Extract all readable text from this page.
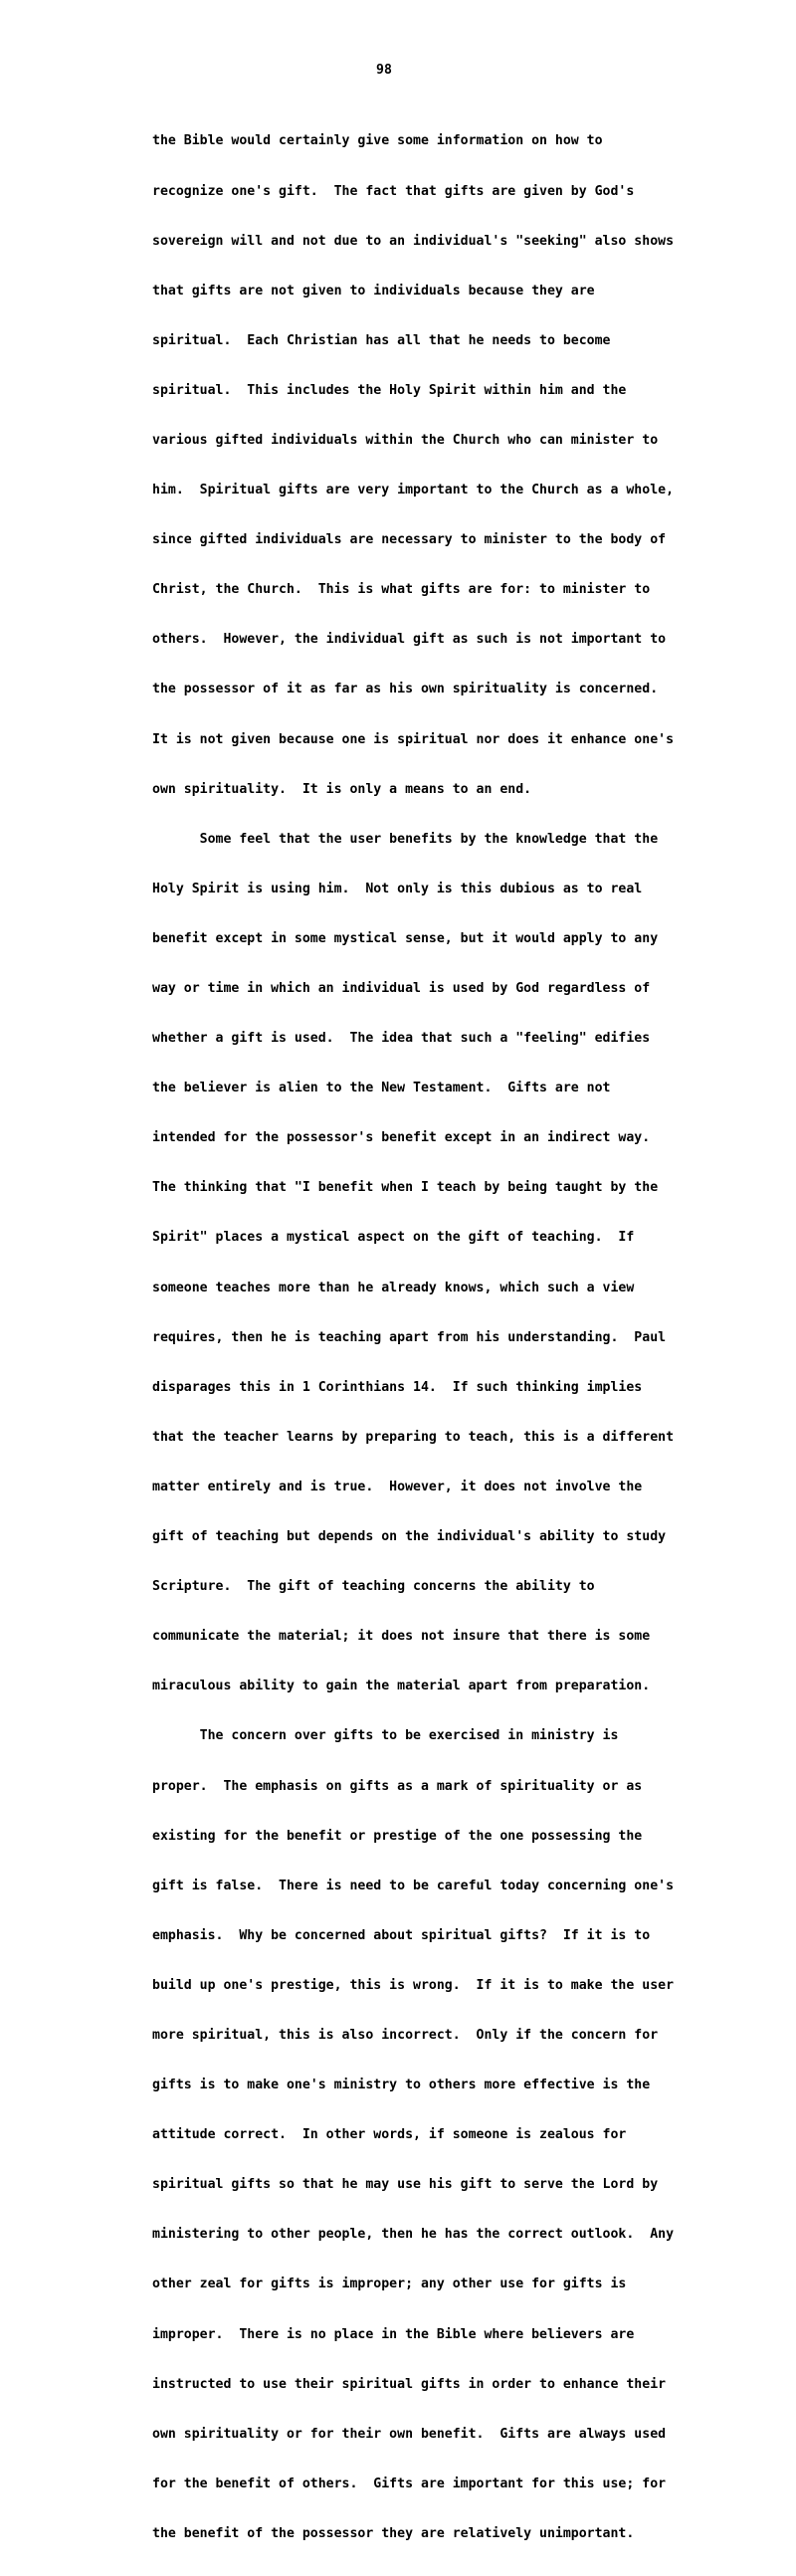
98

the Bible would certainly give some information on how to

recognize one's gift.  The fact that gifts are given by God's

sovereign will and not due to an individual's "seeking" also shows

that gifts are not given to individuals because they are

spiritual.  Each Christian has all that he needs to become

spiritual.  This includes the Holy Spirit within him and the

various gifted individuals within the Church who can minister to

him.  Spiritual gifts are very important to the Church as a whole,

since gifted individuals are necessary to minister to the body of

Christ, the Church.  This is what gifts are for: to minister to

others.  However, the individual gift as such is not important to

the possessor of it as far as his own spirituality is concerned.

It is not given because one is spiritual nor does it enhance one's

own spirituality.  It is only a means to an end.

Some feel that the user benefits by the knowledge that the

Holy Spirit is using him.  Not only is this dubious as to real

benefit except in some mystical sense, but it would apply to any

way or time in which an individual is used by God regardless of

whether a gift is used.  The idea that such a "feeling" edifies

the believer is alien to the New Testament.  Gifts are not

intended for the possessor's benefit except in an indirect way.

The thinking that "I benefit when I teach by being taught by the

Spirit" places a mystical aspect on the gift of teaching.  If

someone teaches more than he already knows, which such a view

requires, then he is teaching apart from his understanding.  Paul

disparages this in 1 Corinthians 14.  If such thinking implies

that the teacher learns by preparing to teach, this is a different

matter entirely and is true.  However, it does not involve the

gift of teaching but depends on the individual's ability to study

Scripture.  The gift of teaching concerns the ability to

communicate the material; it does not insure that there is some

miraculous ability to gain the material apart from preparation.

The concern over gifts to be exercised in ministry is

proper.  The emphasis on gifts as a mark of spirituality or as

existing for the benefit or prestige of the one possessing the

gift is false.  There is need to be careful today concerning one's

emphasis.  Why be concerned about spiritual gifts?  If it is to

build up one's prestige, this is wrong.  If it is to make the user

more spiritual, this is also incorrect.  Only if the concern for

gifts is to make one's ministry to others more effective is the

attitude correct.  In other words, if someone is zealous for

spiritual gifts so that he may use his gift to serve the Lord by

ministering to other people, then he has the correct outlook.  Any

other zeal for gifts is improper; any other use for gifts is

improper.  There is no place in the Bible where believers are

instructed to use their spiritual gifts in order to enhance their

own spirituality or for their own benefit.  Gifts are always used

for the benefit of others.  Gifts are important for this use; for

the benefit of the possessor they are relatively unimportant.
